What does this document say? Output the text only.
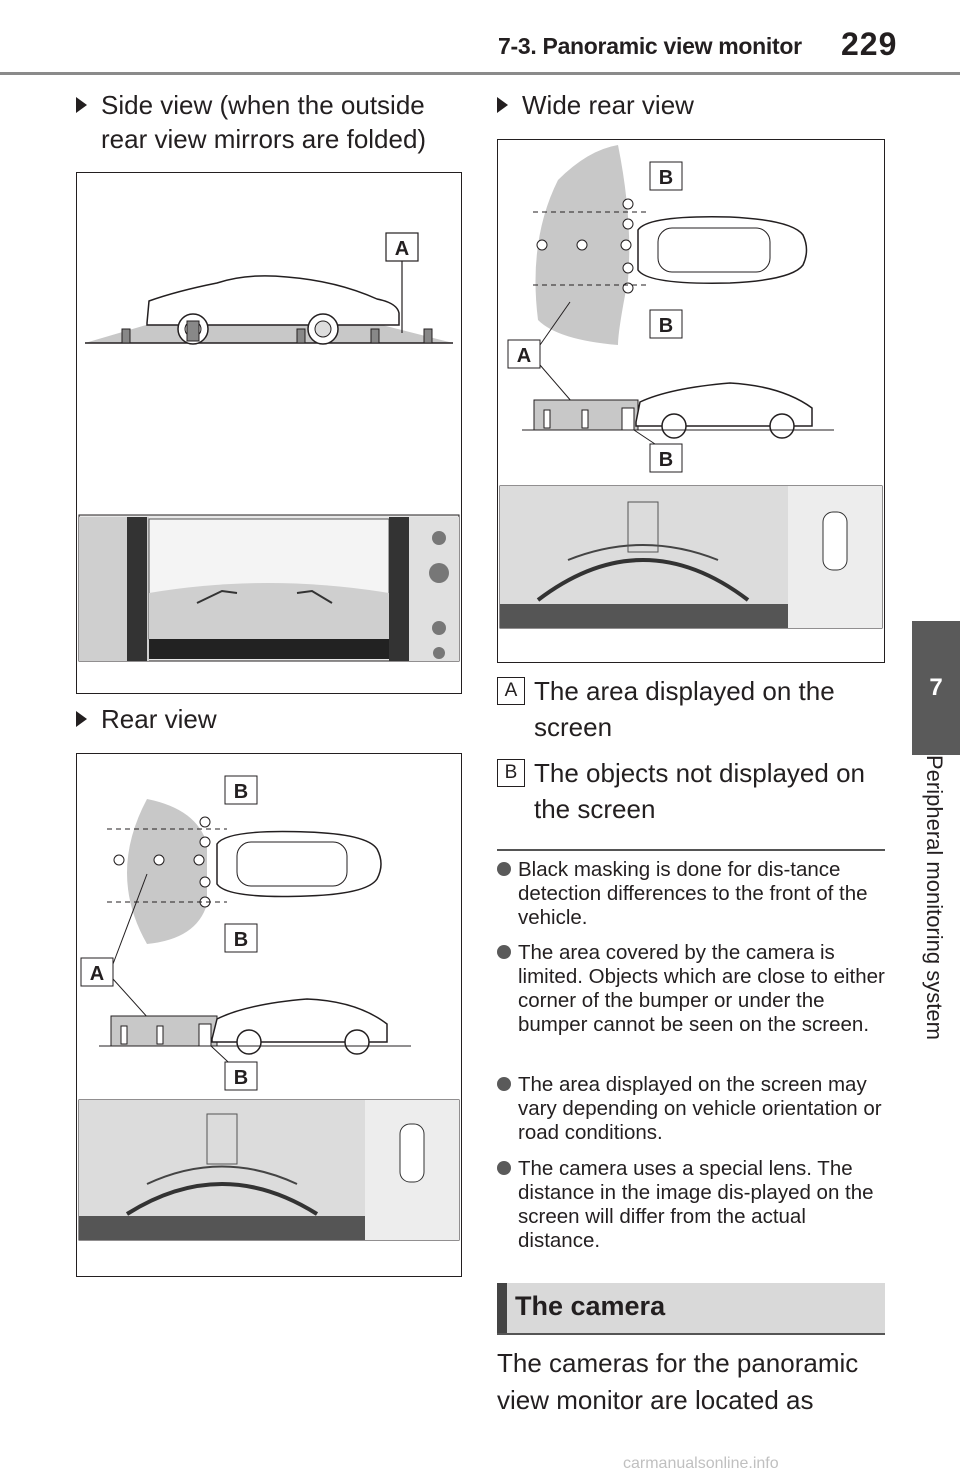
7-3. Panoramic view monitor 229
7
Peripheral monitoring system
Side view (when the outside rear view mirrors are folded)
A
Rear view
B
B
A
B
Wide rear view
B
B
A
B
A The area displayed on the screen
B The objects not displayed on the screen
Black masking is done for dis-tance detection differences to the front of the vehicle.
The area covered by the camera is limited. Objects which are close to either corner of the bumper or under the bumper cannot be seen on the screen.
The area displayed on the screen may vary depending on vehicle orientation or road conditions.
The camera uses a special lens. The distance in the image dis-played on the screen will differ from the actual distance.
The camera
The cameras for the panoramic view monitor are located as
carmanualsonline.info
